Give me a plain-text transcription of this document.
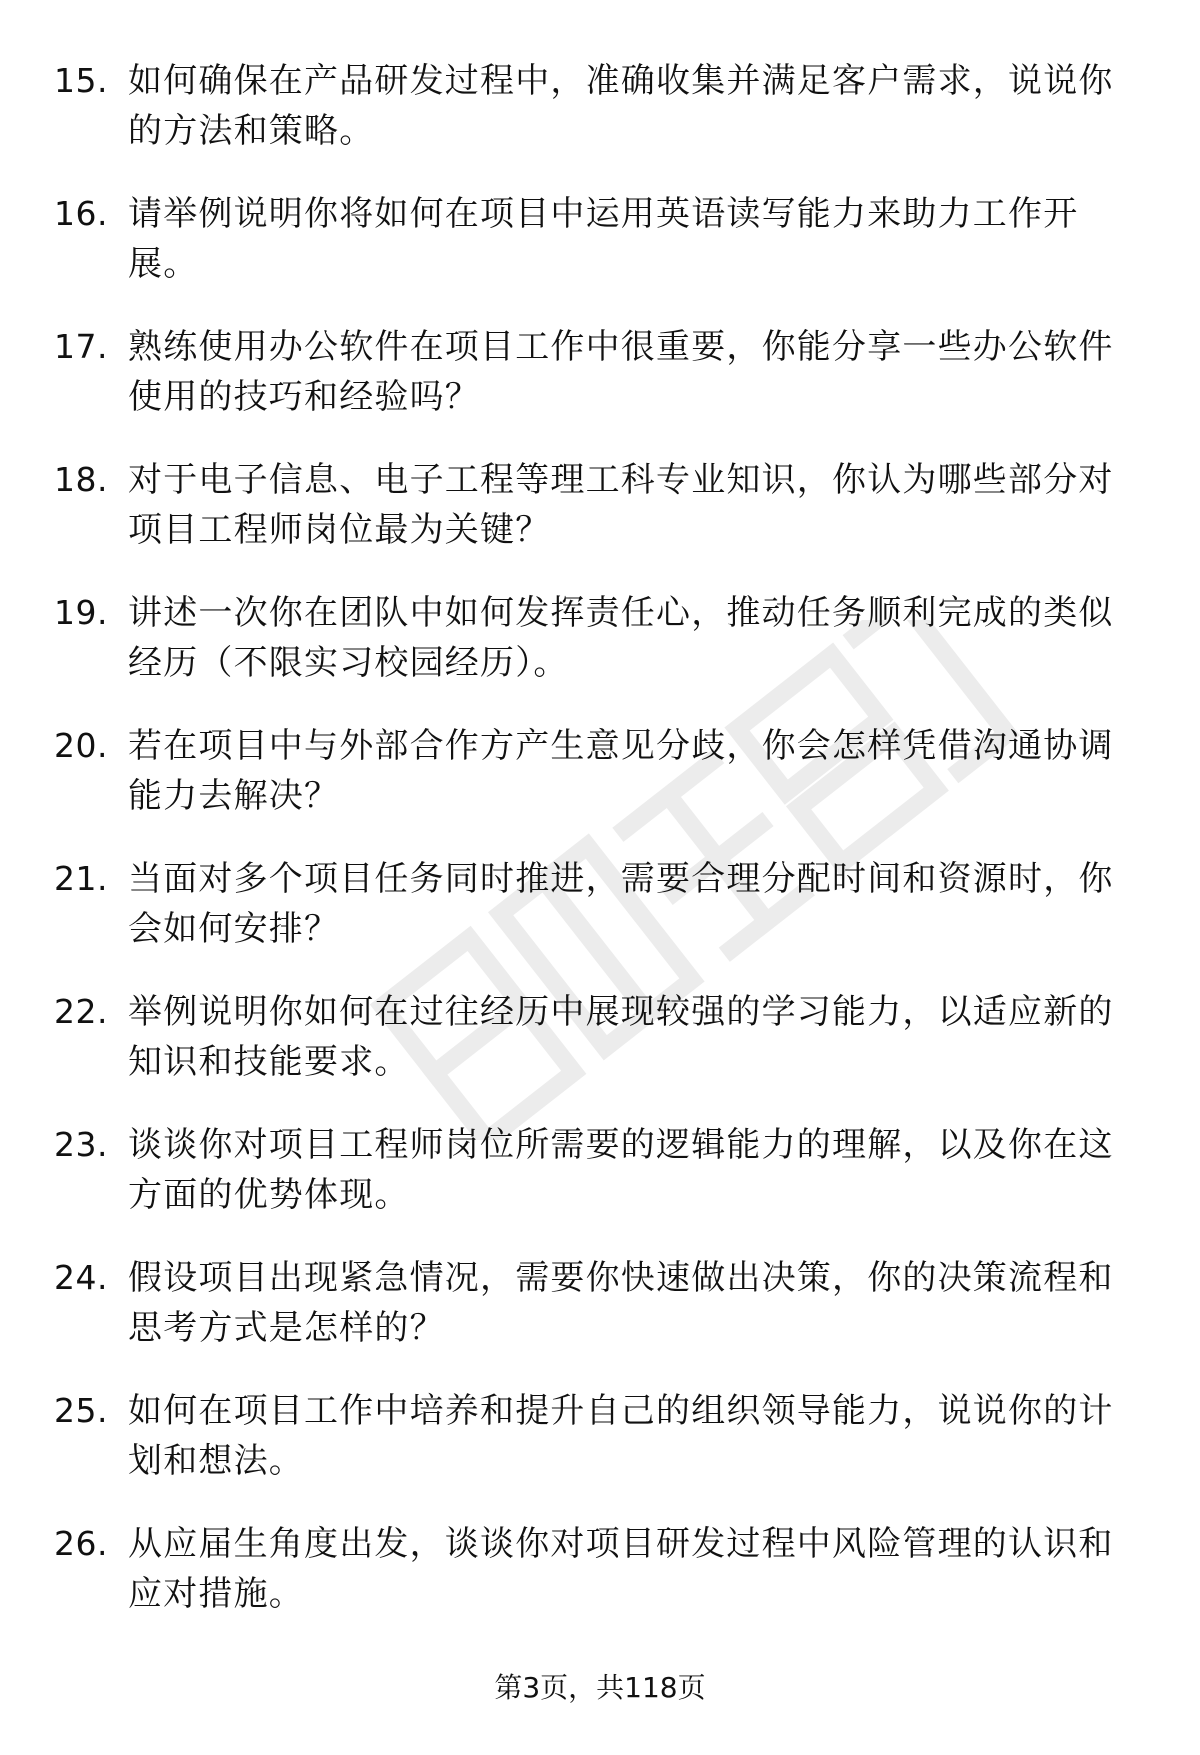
15. 如何确保在产品研发过程中，准确收集并满足客户需求，说说你的方法和策略。
16. 请举例说明你将如何在项目中运用英语读写能力来助力工作开展。
17. 熟练使用办公软件在项目工作中很重要，你能分享一些办公软件使用的技巧和经验吗？
18. 对于电子信息、电子工程等理工科专业知识，你认为哪些部分对项目工程师岗位最为关键？
19. 讲述一次你在团队中如何发挥责任心，推动任务顺利完成的类似经历（不限实习校园经历）。
20. 若在项目中与外部合作方产生意见分歧，你会怎样凭借沟通协调能力去解决？
21. 当面对多个项目任务同时推进，需要合理分配时间和资源时，你会如何安排？
22. 举例说明你如何在过往经历中展现较强的学习能力，以适应新的知识和技能要求。
23. 谈谈你对项目工程师岗位所需要的逻辑能力的理解，以及你在这方面的优势体现。
24. 假设项目出现紧急情况，需要你快速做出决策，你的决策流程和思考方式是怎样的？
25. 如何在项目工作中培养和提升自己的组织领导能力，说说你的计划和想法。
26. 从应届生角度出发，谈谈你对项目研发过程中风险管理的认识和应对措施。
第3页，共118页
